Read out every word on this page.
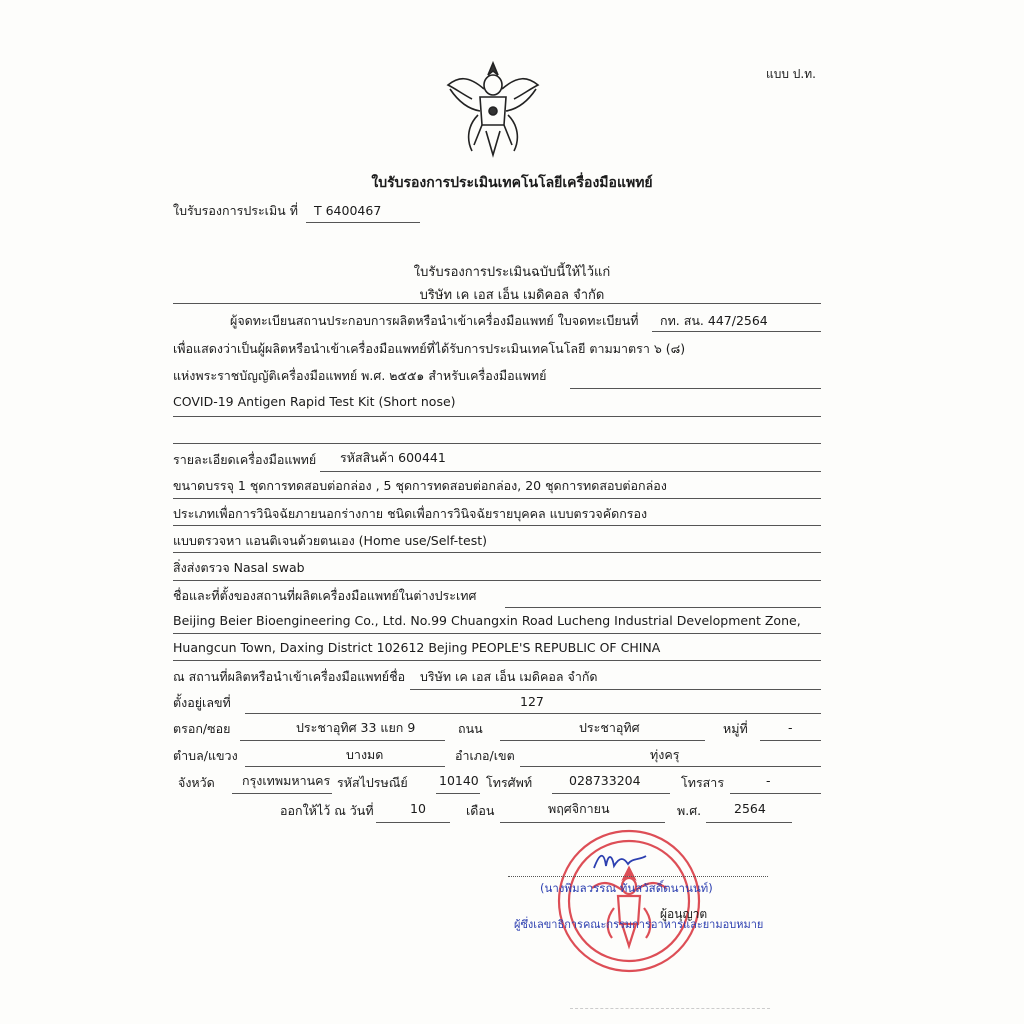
แบบ ป.ท.
ใบรับรองการประเมินเทคโนโลยีเครื่องมือแพทย์
ใบรับรองการประเมิน ที่ T 6400467
ใบรับรองการประเมินฉบับนี้ให้ไว้แก่
บริษัท เค เอส เอ็น เมดิคอล จำกัด
ผู้จดทะเบียนสถานประกอบการผลิตหรือนำเข้าเครื่องมือแพทย์ ใบจดทะเบียนที่ กท. สน. 447/2564
เพื่อแสดงว่าเป็นผู้ผลิตหรือนำเข้าเครื่องมือแพทย์ที่ได้รับการประเมินเทคโนโลยี ตามมาตรา ๖ (๘)
แห่งพระราชบัญญัติเครื่องมือแพทย์ พ.ศ. ๒๕๕๑ สำหรับเครื่องมือแพทย์
COVID-19 Antigen Rapid Test Kit (Short nose)
รายละเอียดเครื่องมือแพทย์ รหัสสินค้า 600441
ขนาดบรรจุ 1 ชุดการทดสอบต่อกล่อง , 5 ชุดการทดสอบต่อกล่อง, 20 ชุดการทดสอบต่อกล่อง
ประเภทเพื่อการวินิจฉัยภายนอกร่างกาย ชนิดเพื่อการวินิจฉัยรายบุคคล แบบตรวจคัดกรอง
แบบตรวจหา แอนติเจนด้วยตนเอง (Home use/Self-test)
สิ่งส่งตรวจ Nasal swab
ชื่อและที่ตั้งของสถานที่ผลิตเครื่องมือแพทย์ในต่างประเทศ
Beijing Beier Bioengineering Co., Ltd. No.99 Chuangxin Road Lucheng Industrial Development Zone,
Huangcun Town, Daxing District 102612 Bejing PEOPLE'S REPUBLIC OF CHINA
ณ สถานที่ผลิตหรือนำเข้าเครื่องมือแพทย์ชื่อ บริษัท เค เอส เอ็น เมดิคอล จำกัด
ตั้งอยู่เลขที่	127
ตรอก/ซอย	ประชาอุทิศ 33 แยก 9	ถนน	ประชาอุทิศ	หมู่ที่	-
ตำบล/แขวง	บางมด	อำเภอ/เขต	ทุ่งครุ
จังหวัด กรุงเทพมหานคร รหัสไปรษณีย์	10140 โทรศัพท์	028733204	โทรสาร	-
ออกให้ไว้ ณ วันที่	10	เดือน	พฤศจิกายน	พ.ศ.	2564
(นางพิมลวรรณ ทันสวัสดิ์ตนานนท์)
ผู้อนุญาต
ผู้ซึ่งเลขาธิการคณะกรรมการอาหารและยามอบหมาย
